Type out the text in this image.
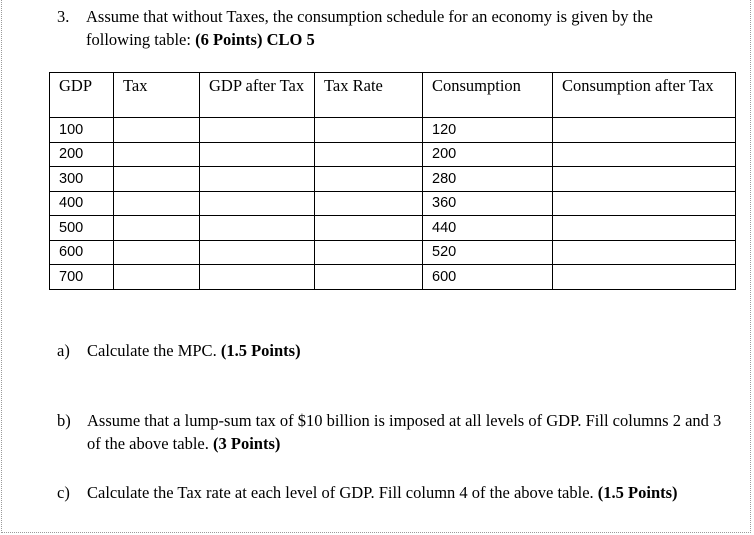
3. Assume that without Taxes, the consumption schedule for an economy is given by the
following table: (6 Points) CLO 5
GDP	Tax	GDP after Tax	Tax Rate	Consumption	Consumption after Tax
100				120	
200				200	
300				280	
400				360	
500				440	
600				520	
700				600	
a) Calculate the MPC. (1.5 Points)
b) Assume that a lump-sum tax of $10 billion is imposed at all levels of GDP. Fill columns 2 and 3 of the above table. (3 Points)
c) Calculate the Tax rate at each level of GDP. Fill column 4 of the above table. (1.5 Points)
